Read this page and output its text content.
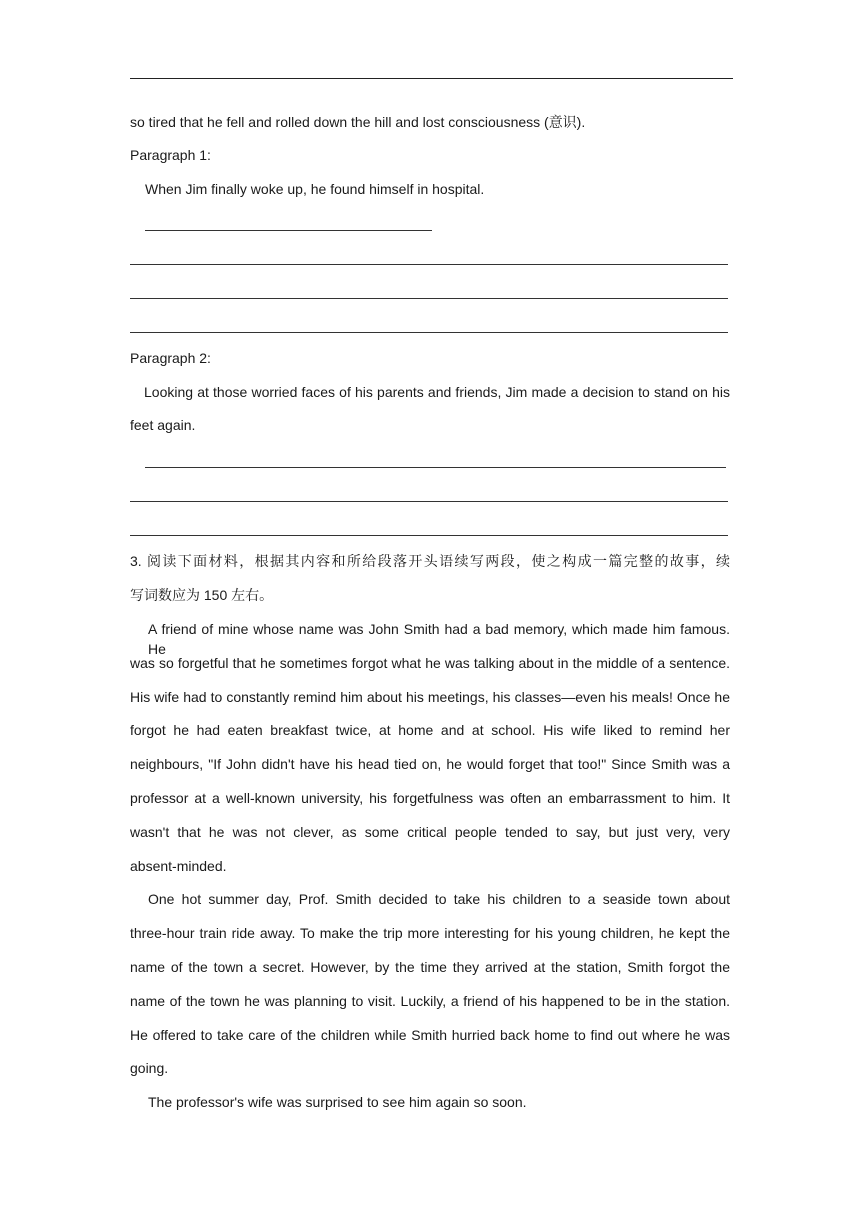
so tired that he fell and rolled down the hill and lost consciousness (意识).
Paragraph 1:
When Jim finally woke up, he found himself in hospital.
Paragraph 2:
Looking at those worried faces of his parents and friends, Jim made a decision to stand on his
feet again.
3. 阅读下面材料，根据其内容和所给段落开头语续写两段，使之构成一篇完整的故事，续
写词数应为 150 左右。
A friend of mine whose name was John Smith had a bad memory, which made him famous. He
was so forgetful that he sometimes forgot what he was talking about in the middle of a sentence.
His wife had to constantly remind him about his meetings, his classes—even his meals! Once he
forgot he had eaten breakfast twice, at home and at school. His wife liked to remind her
neighbours, "If John didn't have his head tied on, he would forget that too!" Since Smith was a
professor at a well-known university, his forgetfulness was often an embarrassment to him. It
wasn't that he was not clever, as some critical people tended to say, but just very, very
absent-minded.
One hot summer day, Prof. Smith decided to take his children to a seaside town about
three-hour train ride away. To make the trip more interesting for his young children, he kept the
name of the town a secret. However, by the time they arrived at the station, Smith forgot the
name of the town he was planning to visit. Luckily, a friend of his happened to be in the station.
He offered to take care of the children while Smith hurried back home to find out where he was
going.
The professor's wife was surprised to see him again so soon.
